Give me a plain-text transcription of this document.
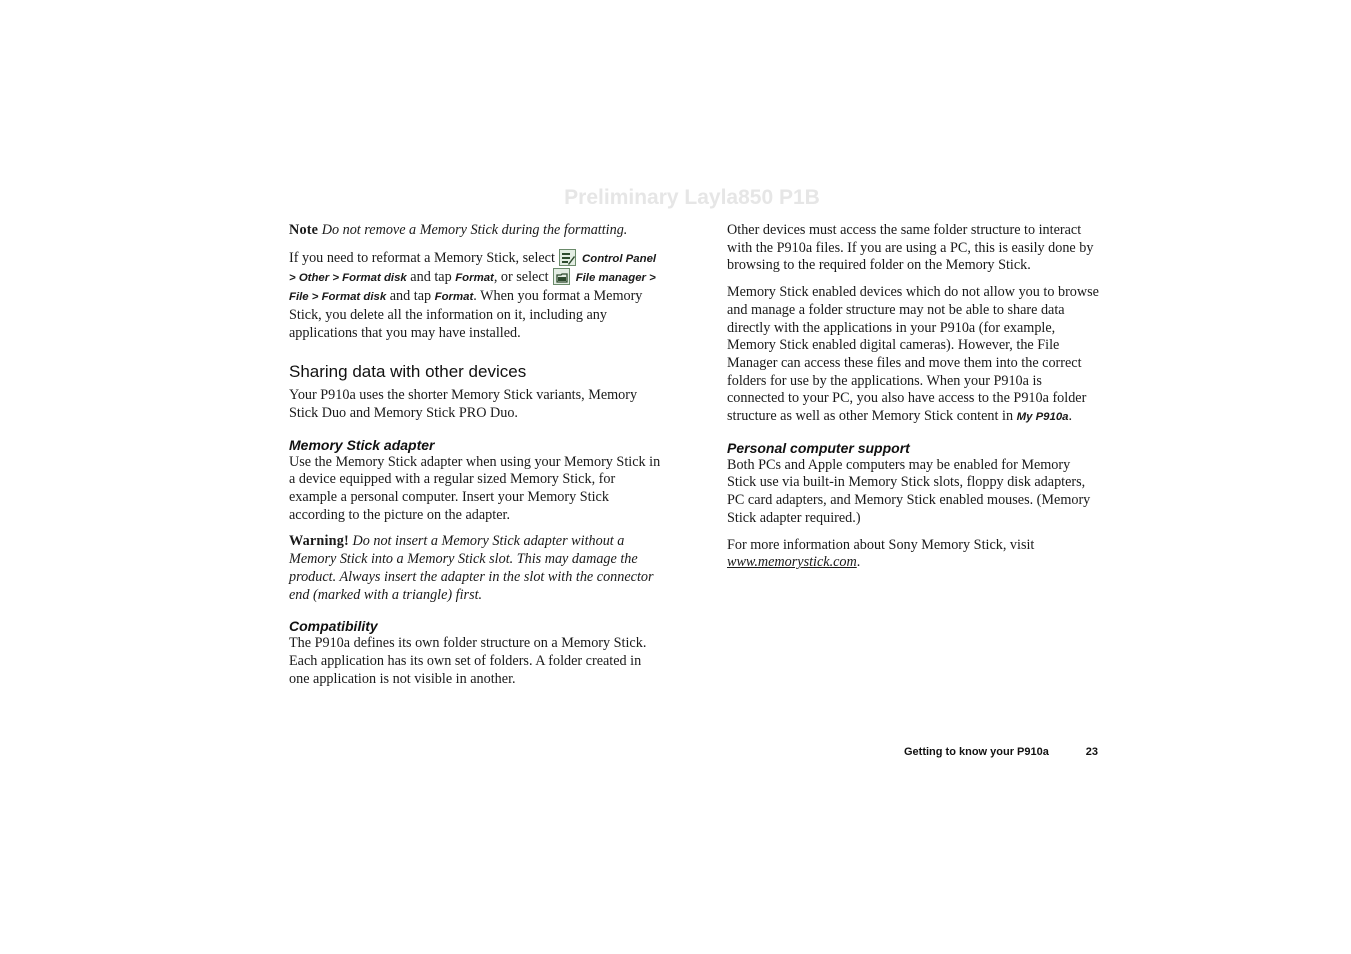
Preliminary Layla850 P1B

Note Do not remove a Memory Stick during the formatting.

If you need to reformat a Memory Stick, select
Control Panel > Other > Format disk and tap Format, or select
File manager > File > Format disk and tap Format. When you format a Memory Stick, you delete all the information on it, including any applications that you may have installed.

Sharing data with other devices

Your P910a uses the shorter Memory Stick variants, Memory Stick Duo and Memory Stick PRO Duo.

Memory Stick adapter

Use the Memory Stick adapter when using your Memory Stick in a device equipped with a regular sized Memory Stick, for example a personal computer. Insert your Memory Stick according to the picture on the adapter.

Warning! Do not insert a Memory Stick adapter without a Memory Stick into a Memory Stick slot. This may damage the product. Always insert the adapter in the slot with the connector end (marked with a triangle) first.

Compatibility

The P910a defines its own folder structure on a Memory Stick. Each application has its own set of folders. A folder created in one application is not visible in another.

Other devices must access the same folder structure to interact with the P910a files. If you are using a PC, this is easily done by browsing to the required folder on the Memory Stick.

Memory Stick enabled devices which do not allow you to browse and manage a folder structure may not be able to share data directly with the applications in your P910a (for example, Memory Stick enabled digital cameras). However, the File Manager can access these files and move them into the correct folders for use by the applications. When your P910a is connected to your PC, you also have access to the P910a folder structure as well as other Memory Stick content in My P910a.

Personal computer support

Both PCs and Apple computers may be enabled for Memory Stick use via built-in Memory Stick slots, floppy disk adapters, PC card adapters, and Memory Stick enabled mouses. (Memory Stick adapter required.)

For more information about Sony Memory Stick, visit www.memorystick.com.

Getting to know your P910a	23
